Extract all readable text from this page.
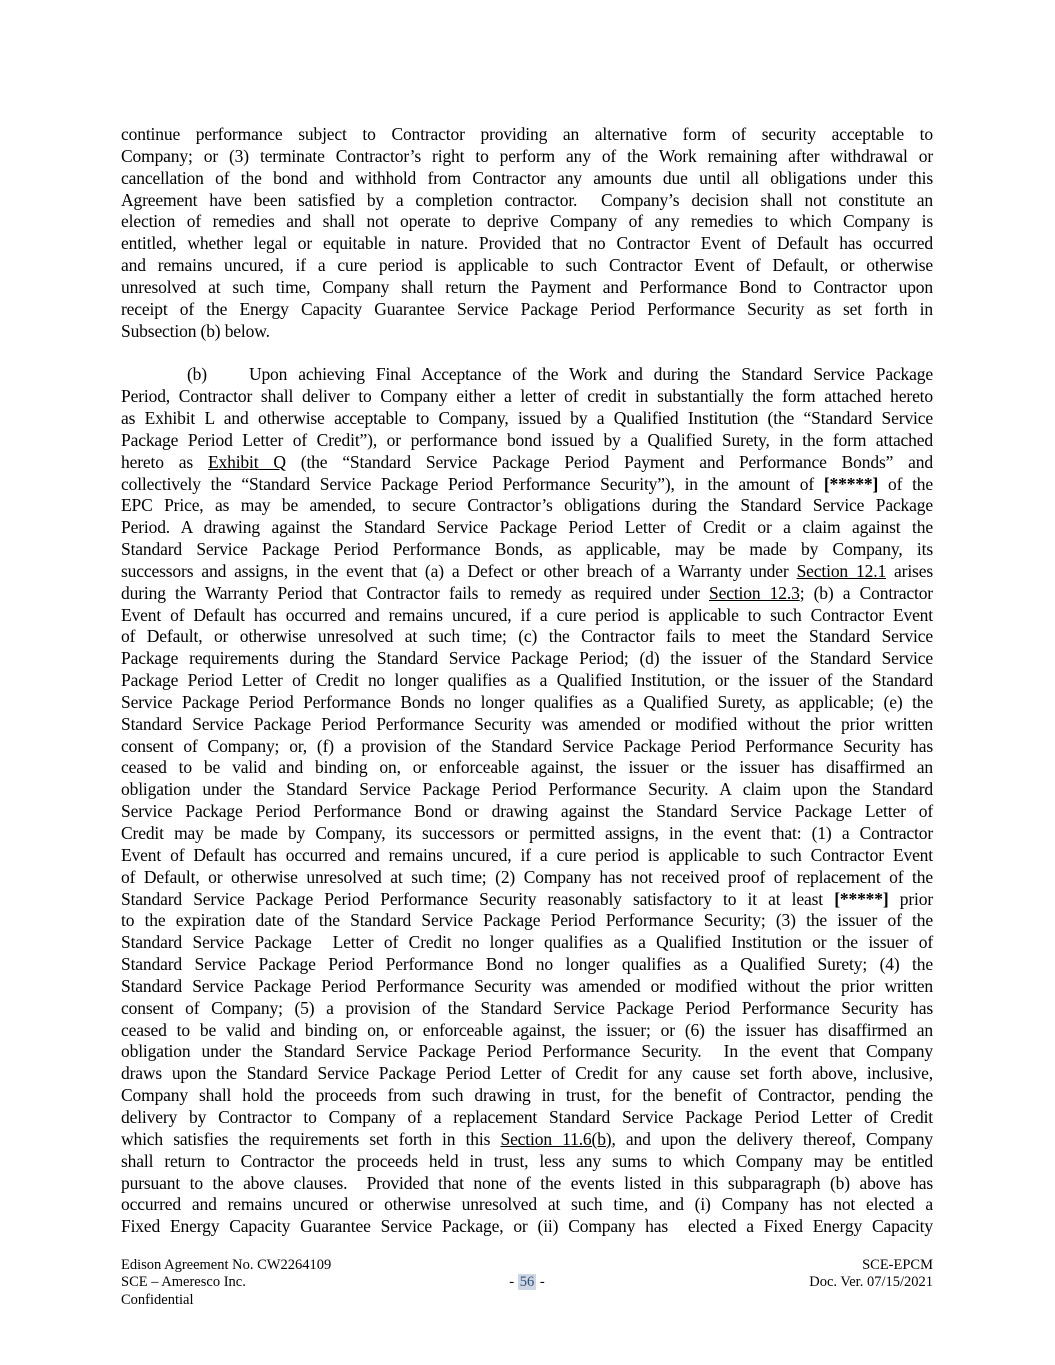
continue performance subject to Contractor providing an alternative form of security acceptable to
Company; or (3) terminate Contractor’s right to perform any of the Work remaining after withdrawal or
cancellation of the bond and withhold from Contractor any amounts due until all obligations under this
Agreement have been satisfied by a completion contractor.  Company’s decision shall not constitute an
election of remedies and shall not operate to deprive Company of any remedies to which Company is
entitled, whether legal or equitable in nature. Provided that no Contractor Event of Default has occurred
and remains uncured, if a cure period is applicable to such Contractor Event of Default, or otherwise
unresolved at such time, Company shall return the Payment and Performance Bond to Contractor upon
receipt of the Energy Capacity Guarantee Service Package Period Performance Security as set forth in
Subsection (b) below.
(b) Upon achieving Final Acceptance of the Work and during the Standard Service Package
Period, Contractor shall deliver to Company either a letter of credit in substantially the form attached hereto
as Exhibit L and otherwise acceptable to Company, issued by a Qualified Institution (the “Standard Service
Package Period Letter of Credit”), or performance bond issued by a Qualified Surety, in the form attached
hereto as Exhibit Q (the “Standard Service Package Period Payment and Performance Bonds” and
collectively the “Standard Service Package Period Performance Security”), in the amount of [*****] of the
EPC Price, as may be amended, to secure Contractor’s obligations during the Standard Service Package
Period. A drawing against the Standard Service Package Period Letter of Credit or a claim against the
Standard Service Package Period Performance Bonds, as applicable, may be made by Company, its
successors and assigns, in the event that (a) a Defect or other breach of a Warranty under Section 12.1 arises
during the Warranty Period that Contractor fails to remedy as required under Section 12.3; (b) a Contractor
Event of Default has occurred and remains uncured, if a cure period is applicable to such Contractor Event
of Default, or otherwise unresolved at such time; (c) the Contractor fails to meet the Standard Service
Package requirements during the Standard Service Package Period; (d) the issuer of the Standard Service
Package Period Letter of Credit no longer qualifies as a Qualified Institution, or the issuer of the Standard
Service Package Period Performance Bonds no longer qualifies as a Qualified Surety, as applicable; (e) the
Standard Service Package Period Performance Security was amended or modified without the prior written
consent of Company; or, (f) a provision of the Standard Service Package Period Performance Security has
ceased to be valid and binding on, or enforceable against, the issuer or the issuer has disaffirmed an
obligation under the Standard Service Package Period Performance Security. A claim upon the Standard
Service Package Period Performance Bond or drawing against the Standard Service Package Letter of
Credit may be made by Company, its successors or permitted assigns, in the event that: (1) a Contractor
Event of Default has occurred and remains uncured, if a cure period is applicable to such Contractor Event
of Default, or otherwise unresolved at such time; (2) Company has not received proof of replacement of the
Standard Service Package Period Performance Security reasonably satisfactory to it at least [*****] prior
to the expiration date of the Standard Service Package Period Performance Security; (3) the issuer of the
Standard Service Package  Letter of Credit no longer qualifies as a Qualified Institution or the issuer of
Standard Service Package Period Performance Bond no longer qualifies as a Qualified Surety; (4) the
Standard Service Package Period Performance Security was amended or modified without the prior written
consent of Company; (5) a provision of the Standard Service Package Period Performance Security has
ceased to be valid and binding on, or enforceable against, the issuer; or (6) the issuer has disaffirmed an
obligation under the Standard Service Package Period Performance Security.  In the event that Company
draws upon the Standard Service Package Period Letter of Credit for any cause set forth above, inclusive,
Company shall hold the proceeds from such drawing in trust, for the benefit of Contractor, pending the
delivery by Contractor to Company of a replacement Standard Service Package Period Letter of Credit
which satisfies the requirements set forth in this Section 11.6(b), and upon the delivery thereof, Company
shall return to Contractor the proceeds held in trust, less any sums to which Company may be entitled
pursuant to the above clauses.  Provided that none of the events listed in this subparagraph (b) above has
occurred and remains uncured or otherwise unresolved at such time, and (i) Company has not elected a
Fixed Energy Capacity Guarantee Service Package, or (ii) Company has  elected a Fixed Energy Capacity
Edison Agreement No. CW2264109
SCE – Ameresco Inc.
Confidential
- 56 -
SCE-EPCM
Doc. Ver. 07/15/2021
